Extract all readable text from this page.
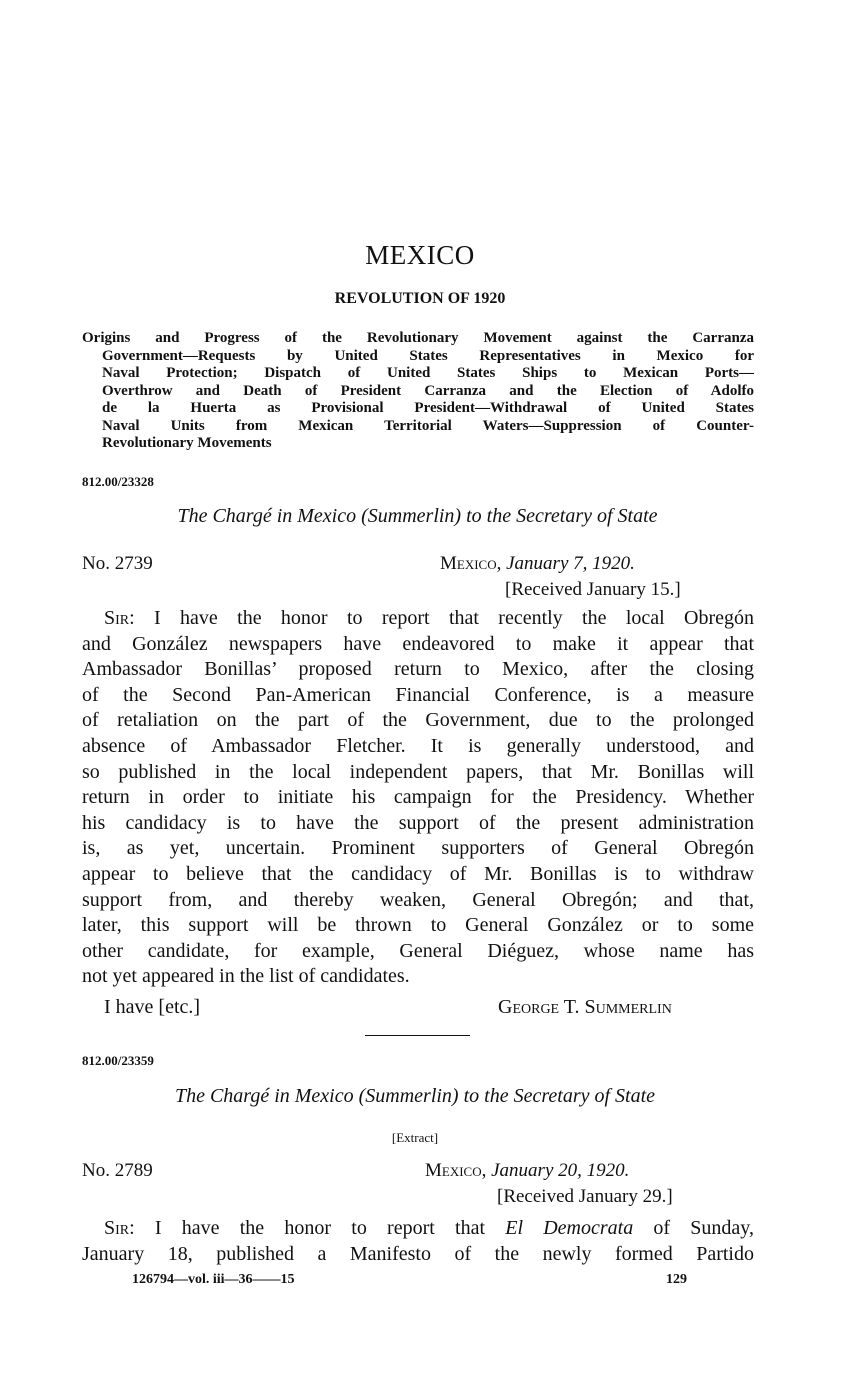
MEXICO
REVOLUTION OF 1920
Origins and Progress of the Revolutionary Movement against the Carranza
Government—Requests by United States Representatives in Mexico for
Naval Protection; Dispatch of United States Ships to Mexican Ports—
Overthrow and Death of President Carranza and the Election of Adolfo
de la Huerta as Provisional President—Withdrawal of United States
Naval Units from Mexican Territorial Waters—Suppression of Counter-
Revolutionary Movements
812.00/23328
The Chargé in Mexico (Summerlin) to the Secretary of State
No. 2739	Mexico, January 7, 1920.
[Received January 15.]
Sir: I have the honor to report that recently the local Obregón
and González newspapers have endeavored to make it appear that
Ambassador Bonillas’ proposed return to Mexico, after the closing
of the Second Pan-American Financial Conference, is a measure
of retaliation on the part of the Government, due to the prolonged
absence of Ambassador Fletcher. It is generally understood, and
so published in the local independent papers, that Mr. Bonillas will
return in order to initiate his campaign for the Presidency. Whether
his candidacy is to have the support of the present administration
is, as yet, uncertain. Prominent supporters of General Obregón
appear to believe that the candidacy of Mr. Bonillas is to withdraw
support from, and thereby weaken, General Obregón; and that,
later, this support will be thrown to General González or to some
other candidate, for example, General Diéguez, whose name has
not yet appeared in the list of candidates.
I have [etc.]	George T. Summerlin
812.00/23359
The Chargé in Mexico (Summerlin) to the Secretary of State
[Extract]
No. 2789	Mexico, January 20, 1920.
[Received January 29.]
Sir: I have the honor to report that El Democrata of Sunday,
January 18, published a Manifesto of the newly formed Partido
126794—vol. iii—36——15	129
